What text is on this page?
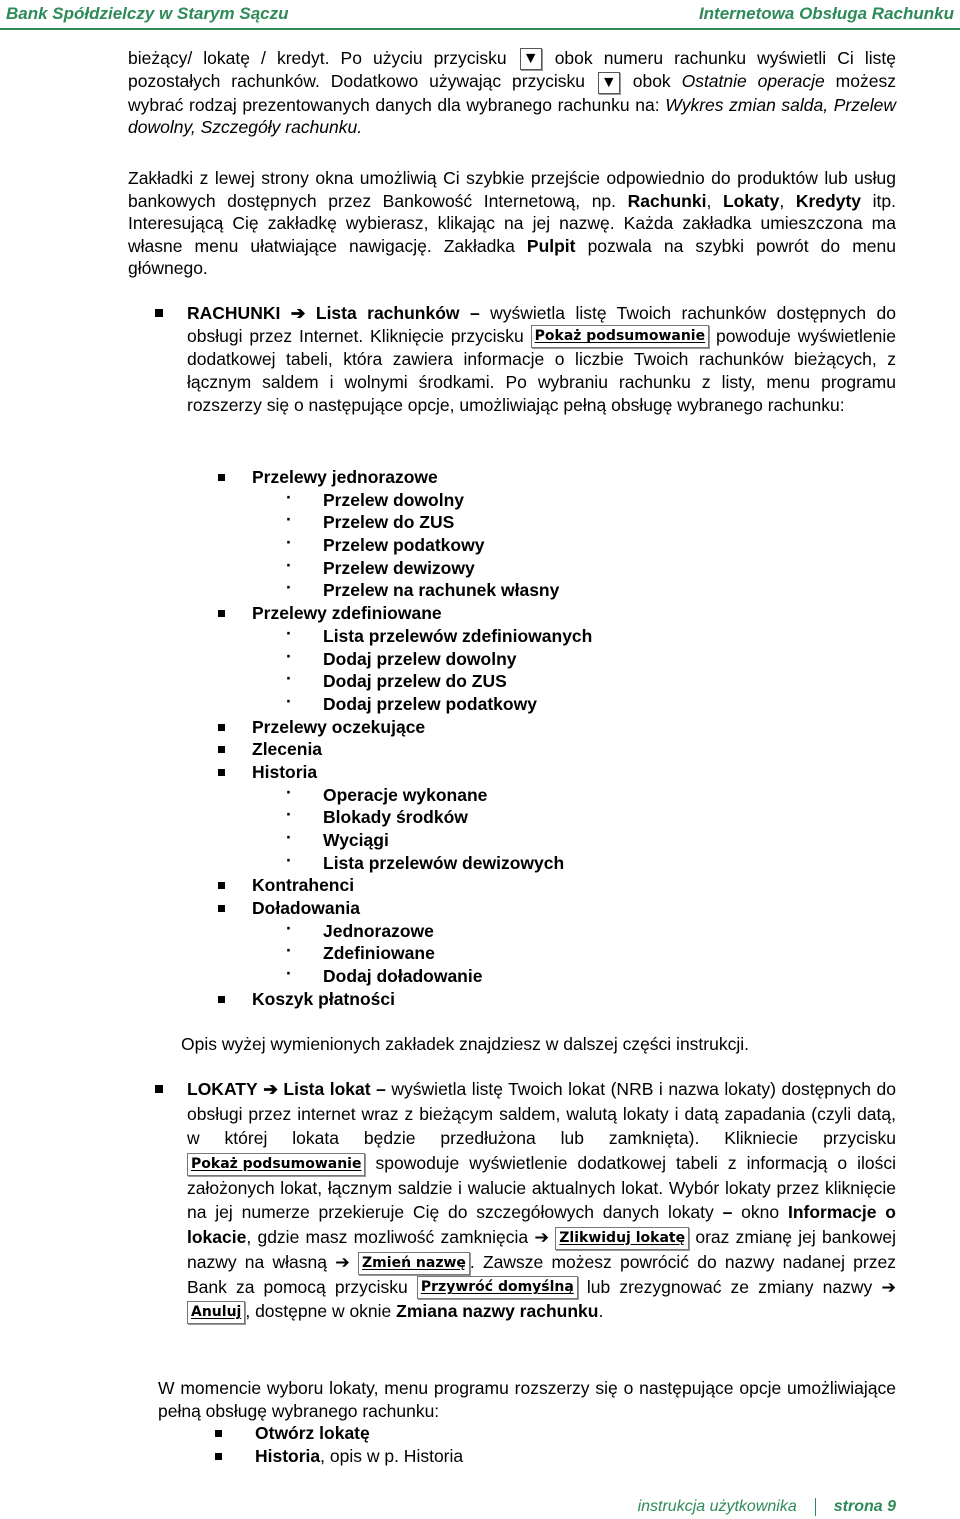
Bank Spółdzielczy w Starym Sączu	Internetowa Obsługa Rachunku
bieżący/ lokatę / kredyt. Po użyciu przycisku ▼ obok numeru rachunku wyświetli Ci listę pozostałych rachunków. Dodatkowo używając przycisku ▼ obok Ostatnie operacje możesz wybrać rodzaj prezentowanych danych dla wybranego rachunku na: Wykres zmian salda, Przelew dowolny, Szczegóły rachunku.
Zakładki z lewej strony okna umożliwią Ci szybkie przejście odpowiednio do produktów lub usług bankowych dostępnych przez Bankowość Internetową, np. Rachunki, Lokaty, Kredyty itp. Interesującą Cię zakładkę wybierasz, klikając na jej nazwę. Każda zakładka umieszczona ma własne menu ułatwiające nawigację. Zakładka Pulpit pozwala na szybki powrót do menu głównego.
RACHUNKI ➔ Lista rachunków – wyświetla listę Twoich rachunków dostępnych do obsługi przez Internet. Kliknięcie przycisku Pokaż podsumowanie powoduje wyświetlenie dodatkowej tabeli, która zawiera informacje o liczbie Twoich rachunków bieżących, z łącznym saldem i wolnymi środkami. Po wybraniu rachunku z listy, menu programu rozszerzy się o następujące opcje, umożliwiając pełną obsługę wybranego rachunku:
Przelewy jednorazowe
· Przelew dowolny
· Przelew do ZUS
· Przelew podatkowy
· Przelew dewizowy
· Przelew na rachunek własny
Przelewy zdefiniowane
· Lista przelewów zdefiniowanych
· Dodaj przelew dowolny
· Dodaj przelew do ZUS
· Dodaj przelew podatkowy
Przelewy oczekujące
Zlecenia
Historia
· Operacje wykonane
· Blokady środków
· Wyciągi
· Lista przelewów dewizowych
Kontrahenci
Doładowania
· Jednorazowe
· Zdefiniowane
· Dodaj doładowanie
Koszyk płatności
Opis wyżej wymienionych zakładek znajdziesz w dalszej części instrukcji.
LOKATY ➔ Lista lokat – wyświetla listę Twoich lokat (NRB i nazwa lokaty) dostępnych do obsługi przez internet wraz z bieżącym saldem, walutą lokaty i datą zapadania (czyli datą, w której lokata będzie przedłużona lub zamknięta). Klikniecie przycisku Pokaż podsumowanie spowoduje wyświetlenie dodatkowej tabeli z informacją o ilości założonych lokat, łącznym saldzie i walucie aktualnych lokat. Wybór lokaty przez kliknięcie na jej numerze przekieruje Cię do szczegółowych danych lokaty – okno Informacje o lokacie, gdzie masz mozliwość zamknięcia ➔ Zlikwiduj lokatę oraz zmianę jej bankowej nazwy na własną ➔ Zmień nazwę . Zawsze możesz powrócić do nazwy nadanej przez Bank za pomocą przycisku Przywróć domyślną lub zrezygnować ze zmiany nazwy ➔ Anuluj , dostępne w oknie Zmiana nazwy rachunku.
W momencie wyboru lokaty, menu programu rozszerzy się o następujące opcje umożliwiające pełną obsługę wybranego rachunku:
Otwórz lokatę
Historia, opis w p. Historia
instrukcja użytkownika strona 9
